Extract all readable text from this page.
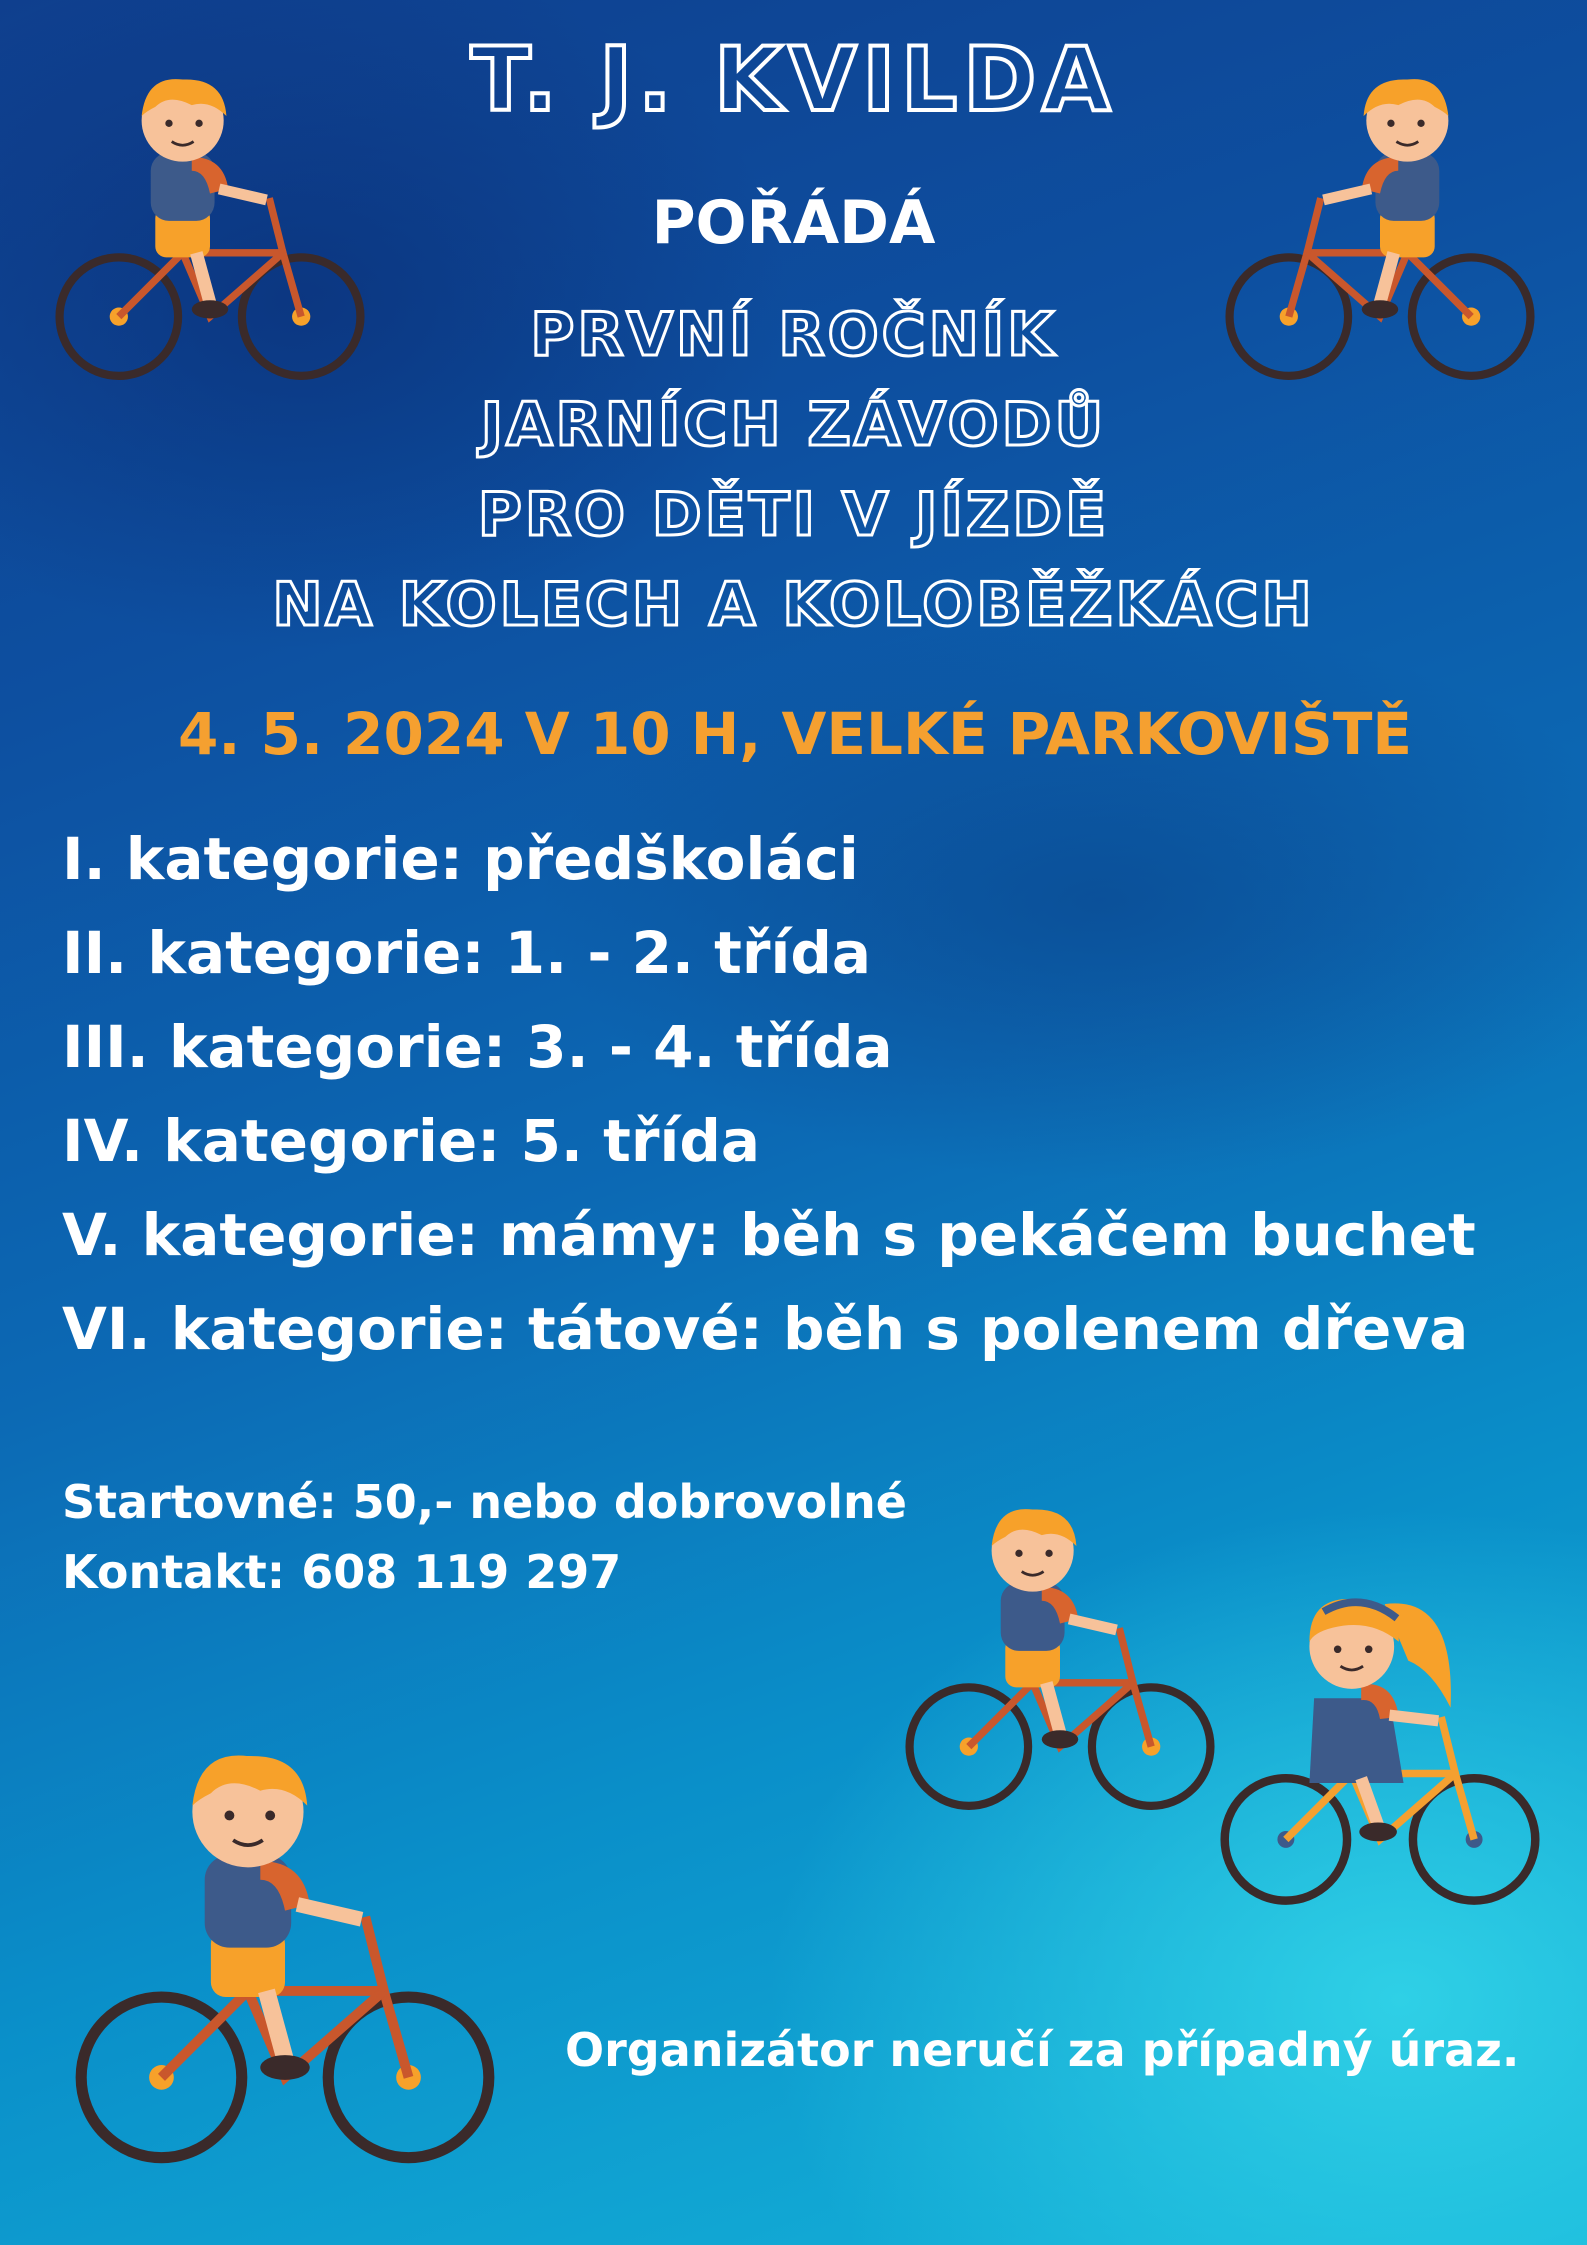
T. J. KVILDA

POŘÁDÁ

PRVNÍ ROČNÍK

JARNÍCH ZÁVODŮ

PRO DĚTI V JÍZDĚ

NA KOLECH A KOLOBĚŽKÁCH

4. 5. 2024 V 10 H, VELKÉ PARKOVIŠTĚ

I. kategorie: předškoláci
II. kategorie: 1. - 2. třída
III. kategorie: 3. - 4. třída
IV. kategorie: 5. třída
V. kategorie: mámy: běh s pekáčem buchet
VI. kategorie: tátové: běh s polenem dřeva

Startovné: 50,- nebo dobrovolné

Kontakt: 608 119 297

Organizátor neručí za případný úraz.
